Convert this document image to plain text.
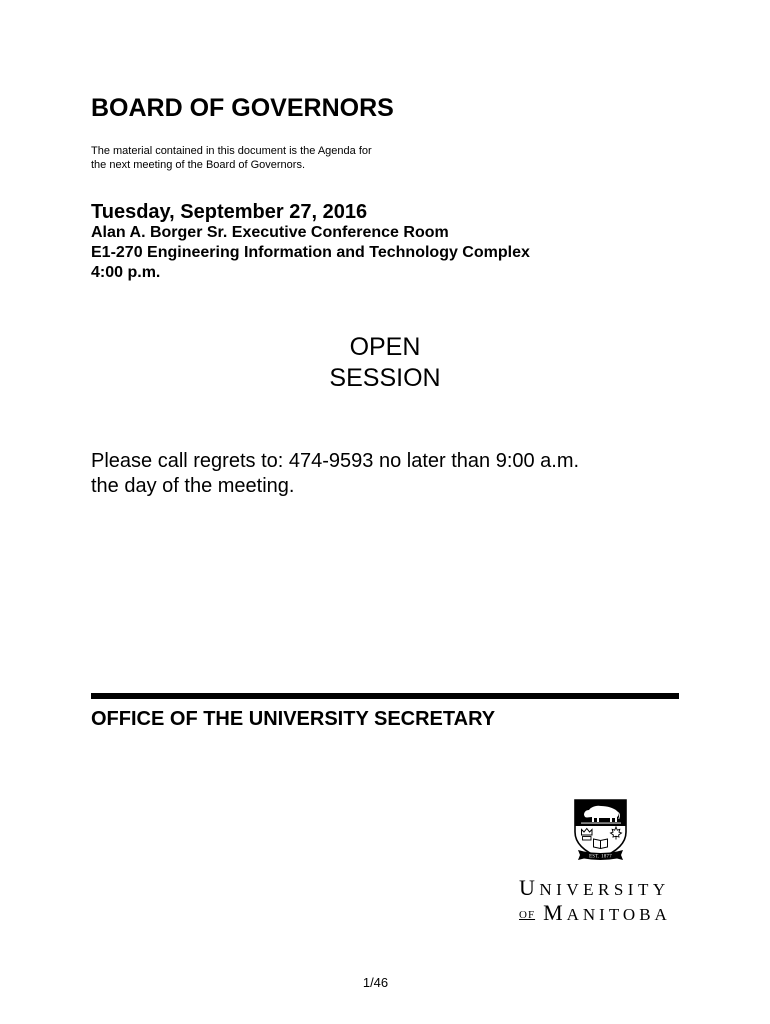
BOARD OF GOVERNORS
The material contained in this document is the Agenda for
the next meeting of the Board of Governors.
Tuesday, September 27, 2016
Alan A. Borger Sr. Executive Conference Room
E1-270 Engineering Information and Technology Complex
4:00 p.m.
OPEN
SESSION
Please call regrets to: 474-9593 no later than 9:00 a.m.
the day of the meeting.
OFFICE OF THE UNIVERSITY SECRETARY
EST. 1877
UNIVERSITY
OF MANITOBA
1/46
